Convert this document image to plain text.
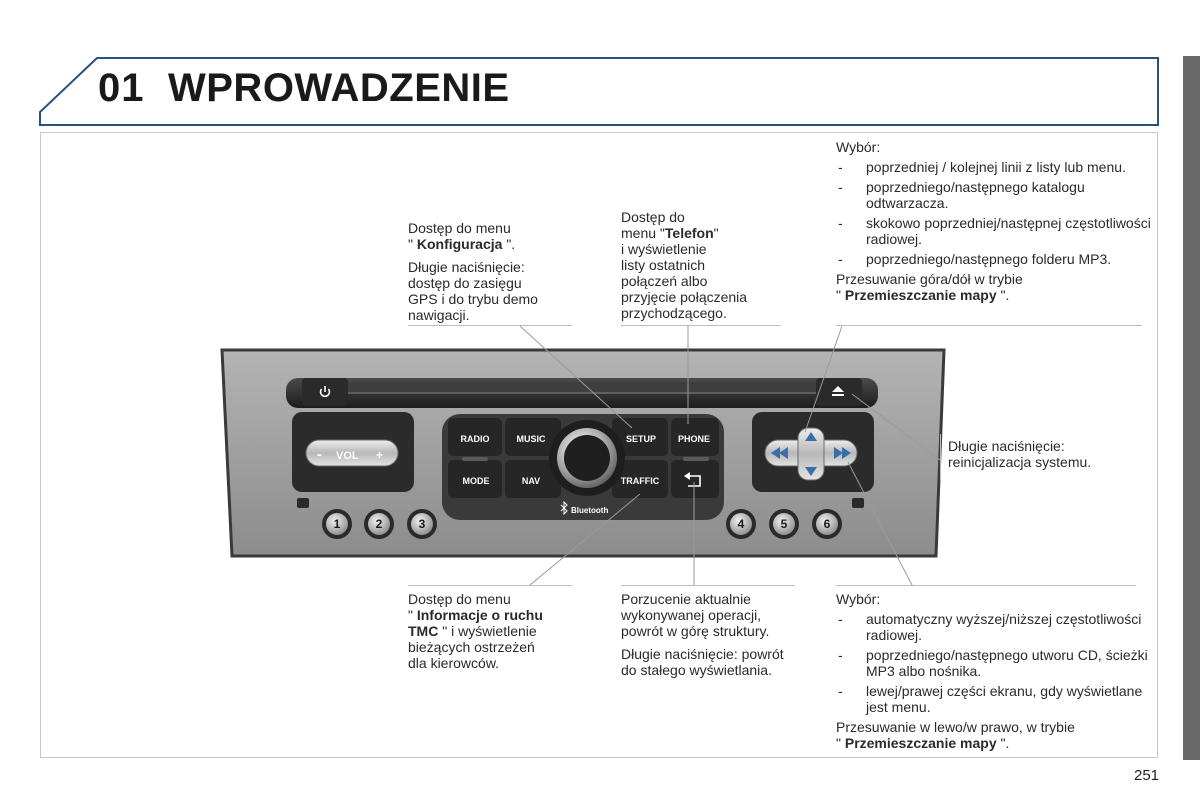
01 WPROWADZENIE
- VOL +
RADIO	MUSIC	SETUP PHONE
MODE	NAV	TRAFFIC
Bluetooth
1	2	3	4	5	6

Dostęp do menu
" Konfiguracja ".

Długie naciśnięcie:
dostęp do zasięgu
GPS i do trybu demo
nawigacji.

Dostęp do
menu "Telefon"
i wyświetlenie
listy ostatnich
połączeń albo
przyjęcie połączenia
przychodzącego.

Wybór:

- poprzedniej / kolejnej linii z listy lub menu.
- poprzedniego/następnego katalogu odtwarzacza.
- skokowo poprzedniej/następnej częstotliwości radiowej.
- poprzedniego/następnego folderu MP3.

Przesuwanie góra/dół w trybie
" Przemieszczanie mapy ".

Długie naciśnięcie:
reinicjalizacja systemu.

Dostęp do menu
" Informacje o ruchu
TMC " i wyświetlenie
bieżących ostrzeżeń
dla kierowców.

Porzucenie aktualnie
wykonywanej operacji,
powrót w górę struktury.

Długie naciśnięcie: powrót
do stałego wyświetlania.

Wybór:

- automatyczny wyższej/niższej częstotliwości radiowej.
- poprzedniego/następnego utworu CD, ścieżki MP3 albo nośnika.
- lewej/prawej części ekranu, gdy wyświetlane jest menu.

Przesuwanie w lewo/w prawo, w trybie
" Przemieszczanie mapy ".

251
